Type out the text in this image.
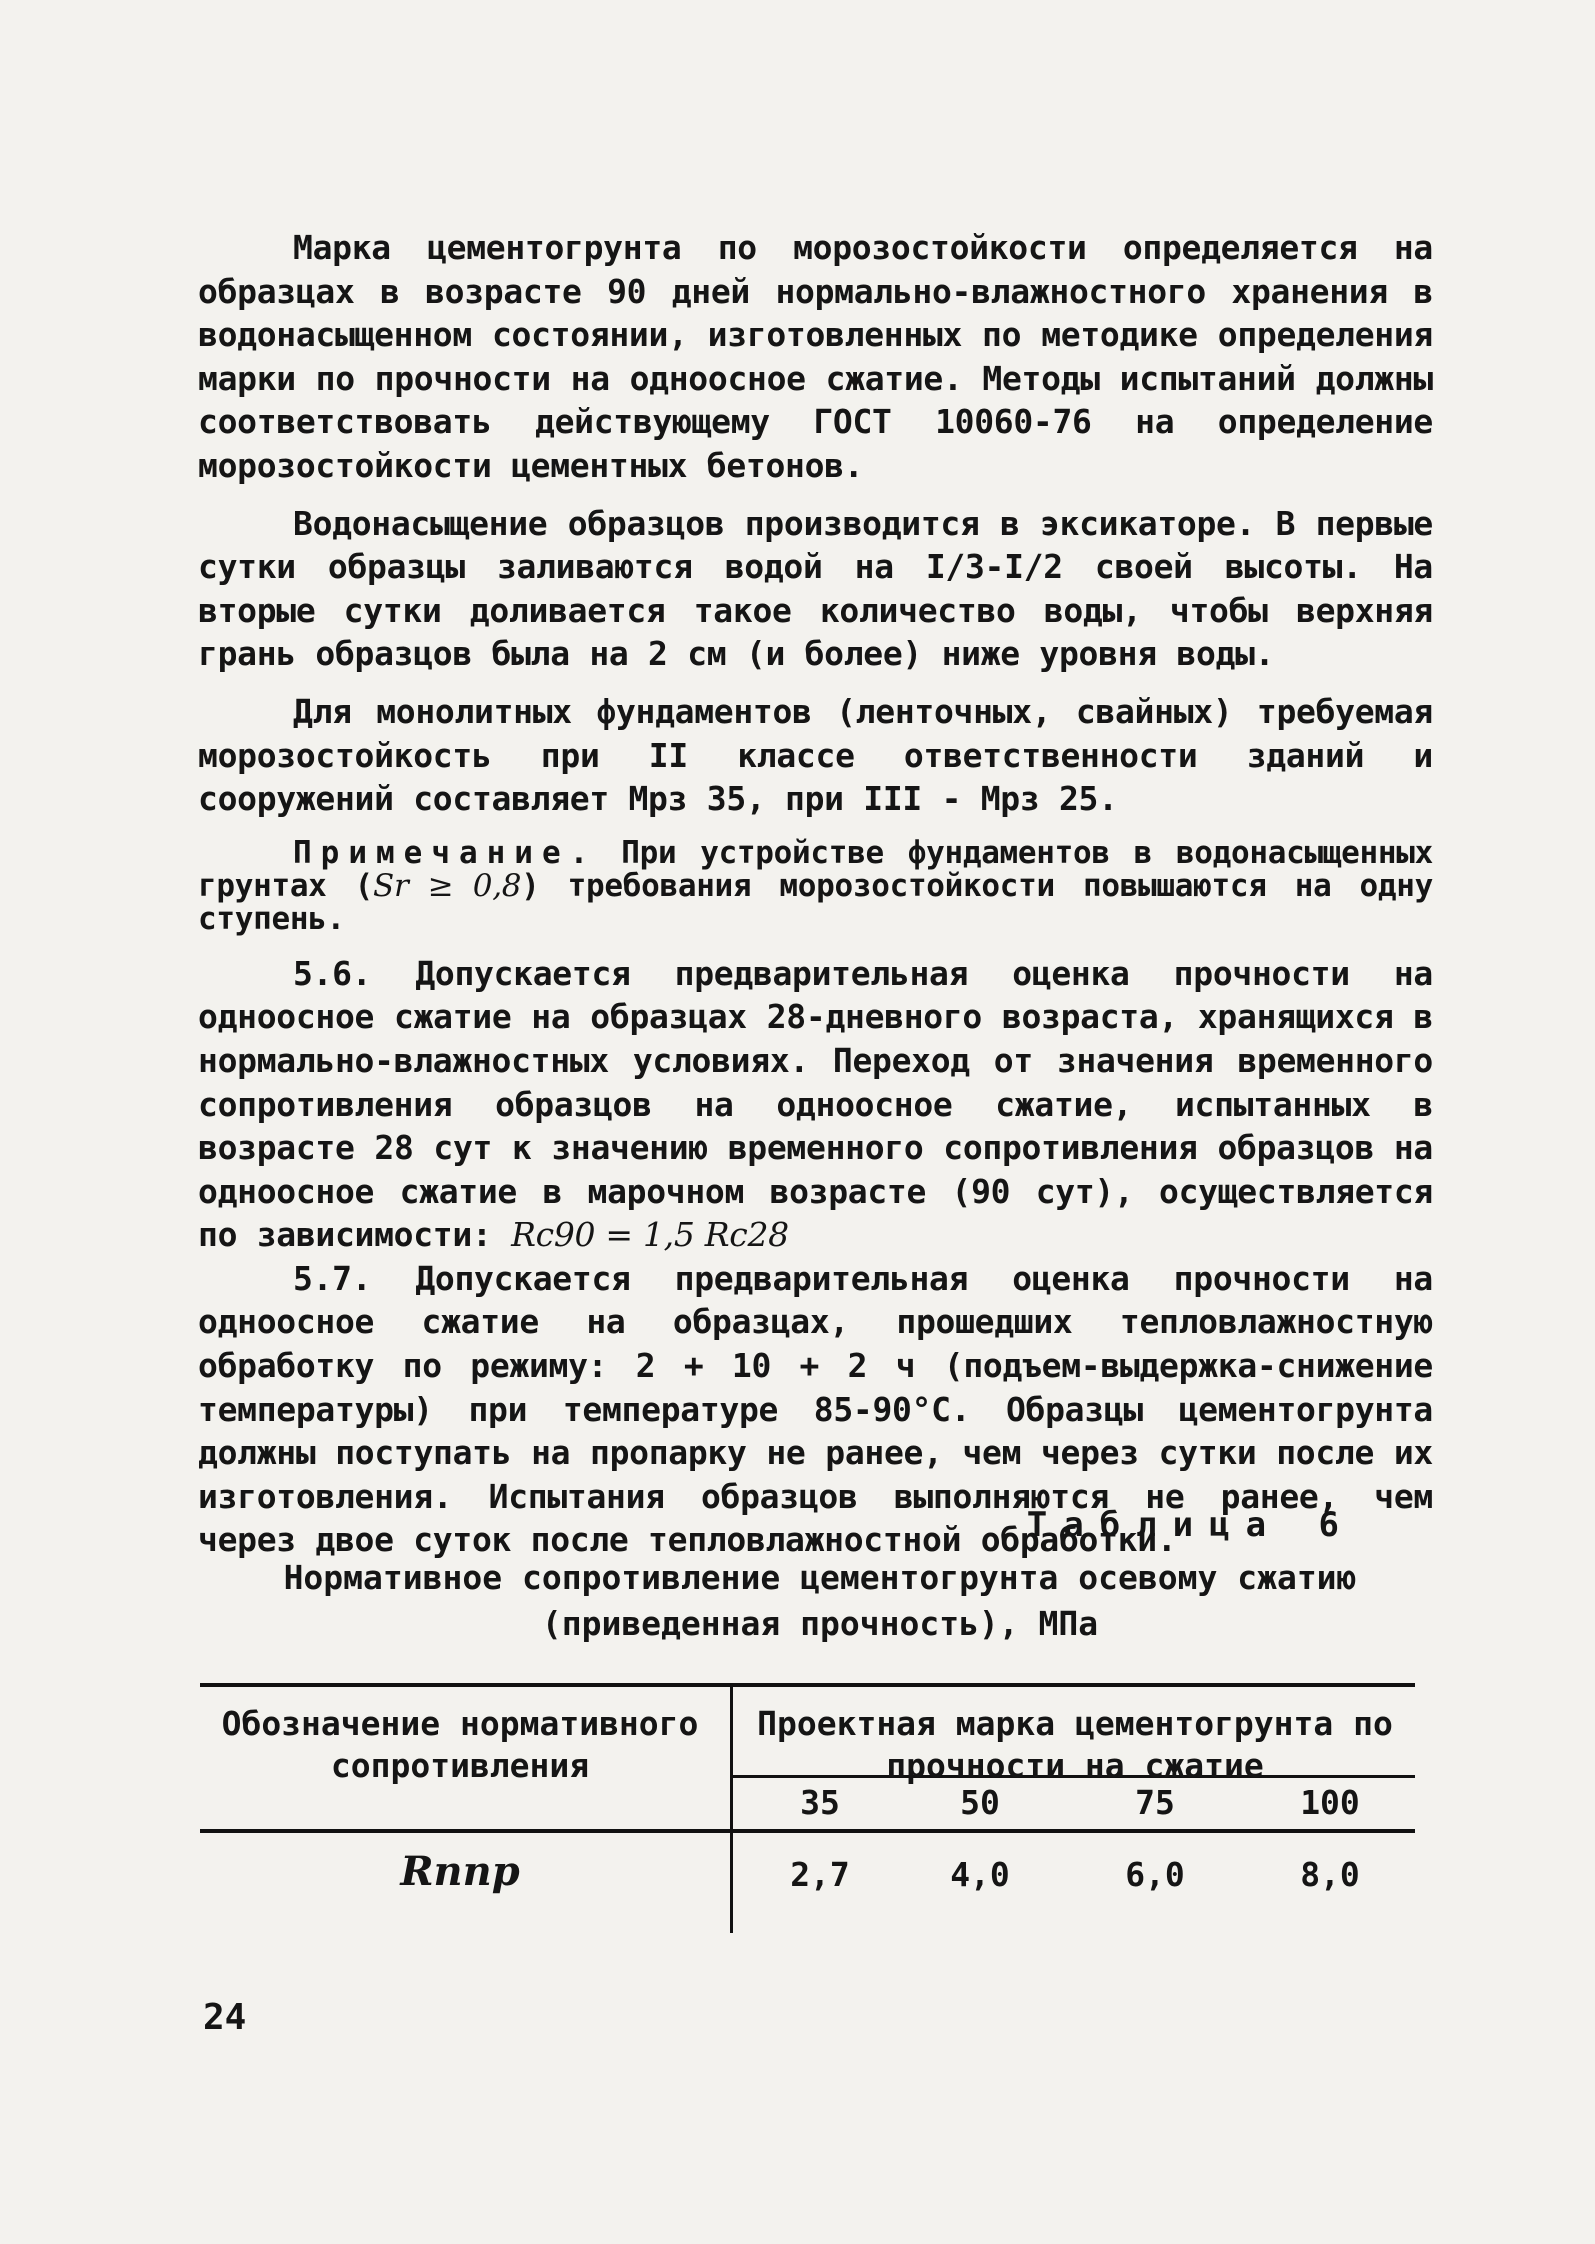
Марка цементогрунта по морозостойкости определяется на образцах в возрасте 90 дней нормально-влажностного хранения в водонасыщенном состоянии, изготовленных по методике определения марки по прочности на одноосное сжатие. Методы испытаний должны соответствовать действующему ГОСТ 10060-76 на определение морозостойкости цементных бетонов.

Водонасыщение образцов производится в эксикаторе. В первые сутки образцы заливаются водой на I/3-I/2 своей высоты. На вторые сутки доливается такое количество воды, чтобы верхняя грань образцов была на 2 см (и более) ниже уровня воды.

Для монолитных фундаментов (ленточных, свайных) требуемая морозостойкость при II классе ответственности зданий и сооружений составляет Мрз 35, при III - Мрз 25.

Примечание. При устройстве фундаментов в водонасыщенных грунтах (Sr ≥ 0,8) требования морозостойкости повышаются на одну ступень.

5.6. Допускается предварительная оценка прочности на одноосное сжатие на образцах 28-дневного возраста, хранящихся в нормально-влажностных условиях. Переход от значения временного сопротивления образцов на одноосное сжатие, испытанных в возрасте 28 сут к значению временного сопротивления образцов на одноосное сжатие в марочном возрасте (90 сут), осуществляется по зависимости: Rc90 = 1,5 Rc28

5.7. Допускается предварительная оценка прочности на одноосное сжатие на образцах, прошедших тепловлажностную обработку по режиму: 2 + 10 + 2 ч (подъем-выдержка-снижение температуры) при температуре 85-90°С. Образцы цементогрунта должны поступать на пропарку не ранее, чем через сутки после их изготовления. Испытания образцов выполняются не ранее, чем через двое суток после тепловлажностной обработки.

Таблица 6
Нормативное сопротивление цементогрунта осевому сжатию
(приведенная прочность), МПа
Обозначение нормативного сопротивления
Проектная марка цементогрунта по прочности на сжатие
35	50	75	100
Rnпр	2,7	4,0	6,0	8,0
24
